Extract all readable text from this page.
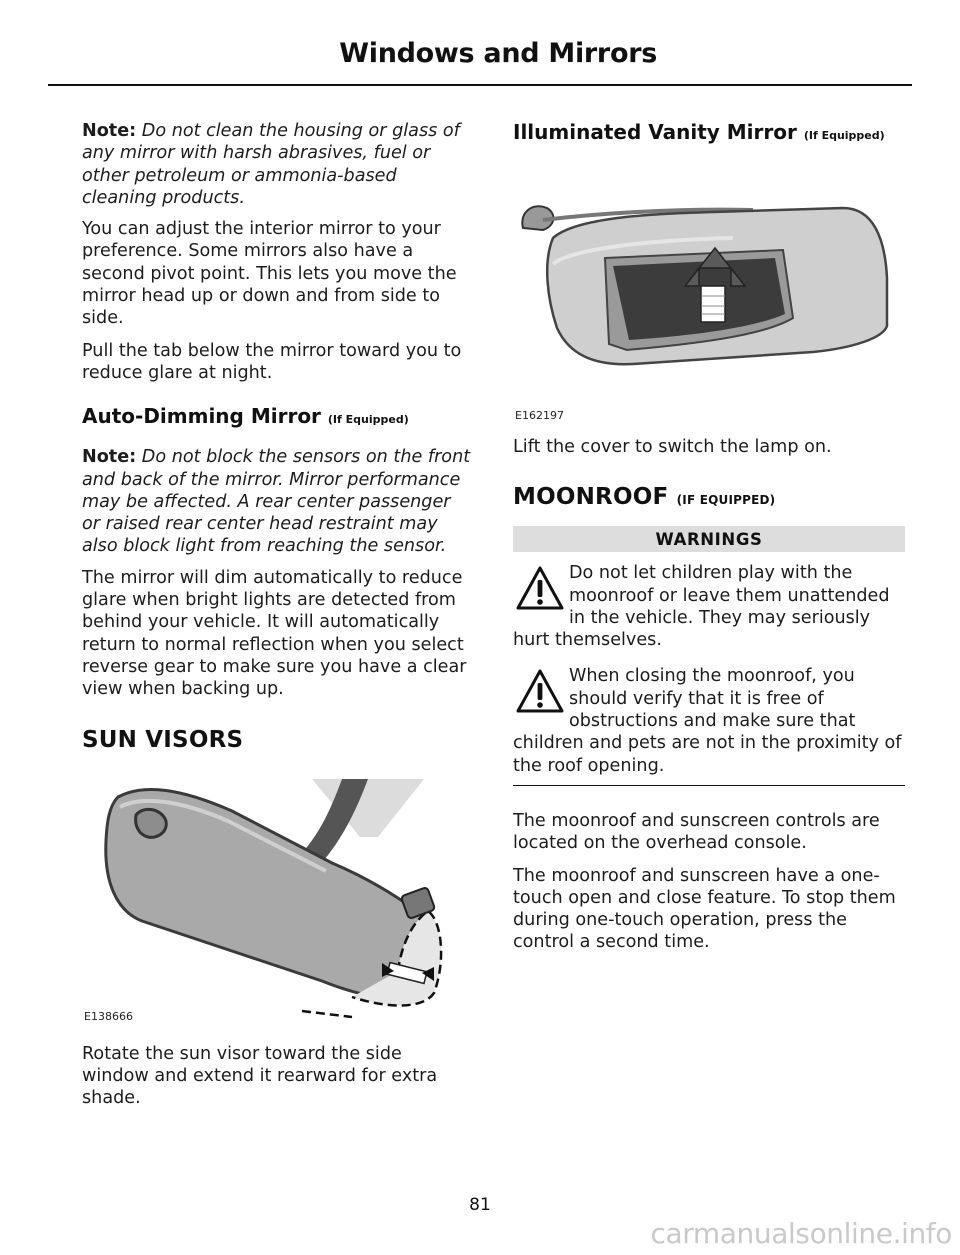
Windows and Mirrors

Note: Do not clean the housing or glass of any mirror with harsh abrasives, fuel or other petroleum or ammonia-based cleaning products.

You can adjust the interior mirror to your preference. Some mirrors also have a second pivot point. This lets you move the mirror head up or down and from side to side.

Pull the tab below the mirror toward you to reduce glare at night.

Auto-Dimming Mirror (If Equipped)

Note: Do not block the sensors on the front and back of the mirror. Mirror performance may be affected. A rear center passenger or raised rear center head restraint may also block light from reaching the sensor.

The mirror will dim automatically to reduce glare when bright lights are detected from behind your vehicle. It will automatically return to normal reflection when you select reverse gear to make sure you have a clear view when backing up.

SUN VISORS
E138666

Rotate the sun visor toward the side window and extend it rearward for extra shade.

Illuminated Vanity Mirror (If Equipped)
E162197

Lift the cover to switch the lamp on.

MOONROOF (IF EQUIPPED)
WARNINGS

Do not let children play with the moonroof or leave them unattended in the vehicle. They may seriously hurt themselves.

When closing the moonroof, you should verify that it is free of obstructions and make sure that children and pets are not in the proximity of the roof opening.

The moonroof and sunscreen controls are located on the overhead console.

The moonroof and sunscreen have a one-touch open and close feature. To stop them during one-touch operation, press the control a second time.

81
carmanualsonline.info
